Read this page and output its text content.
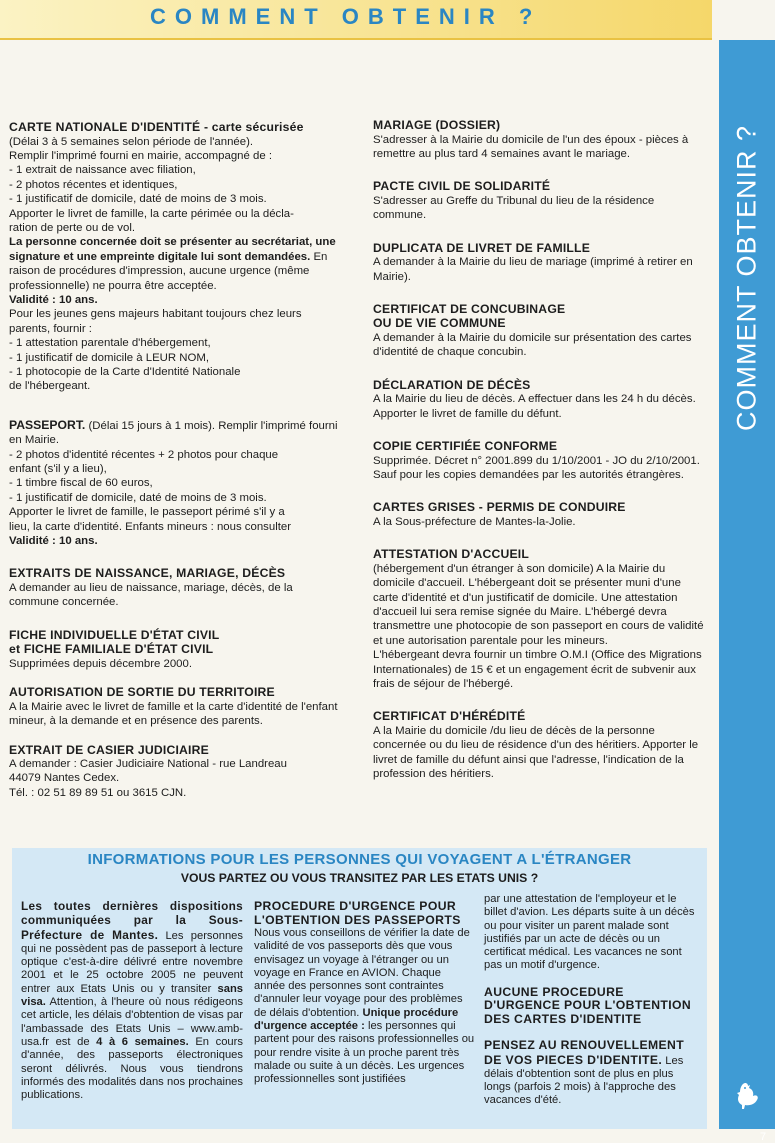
COMMENT OBTENIR ?
COMMENT OBTENIR ?
7
CARTE NATIONALE D'IDENTITÉ - carte sécurisée

(Délai 3 à 5 semaines selon période de l'année).

Remplir l'imprimé fourni en mairie, accompagné de :

- 1 extrait de naissance avec filiation,

- 2 photos récentes et identiques,

- 1 justificatif de domicile, daté de moins de 3 mois.

Apporter le livret de famille, la carte périmée ou la décla-

ration de perte ou de vol.

La personne concernée doit se présenter au secrétariat, une signature et une empreinte digitale lui sont demandées. En raison de procédures d'impression, aucune urgence (même professionnelle) ne pourra être acceptée.

Validité : 10 ans.

Pour les jeunes gens majeurs habitant toujours chez leurs

parents, fournir :

- 1 attestation parentale d'hébergement,

- 1 justificatif de domicile à LEUR NOM,

- 1 photocopie de la Carte d'Identité Nationale

de l'hébergeant.

PASSEPORT. (Délai 15 jours à 1 mois). Remplir l'imprimé fourni en Mairie.

- 2 photos d'identité récentes + 2 photos pour chaque

enfant (s'il y a lieu),

- 1 timbre fiscal de 60 euros,

- 1 justificatif de domicile, daté de moins de 3 mois.

Apporter le livret de famille, le passeport périmé s'il y a

lieu, la carte d'identité. Enfants mineurs : nous consulter

Validité : 10 ans.

EXTRAITS DE NAISSANCE, MARIAGE, DÉCÈS

A demander au lieu de naissance, mariage, décès, de la commune concernée.

FICHE INDIVIDUELLE D'ÉTAT CIVIL
et FICHE FAMILIALE D'ÉTAT CIVIL

Supprimées depuis décembre 2000.

AUTORISATION DE SORTIE DU TERRITOIRE

A la Mairie avec le livret de famille et la carte d'identité de l'enfant mineur, à la demande et en présence des parents.

EXTRAIT DE CASIER JUDICIAIRE

A demander : Casier Judiciaire National - rue Landreau

44079 Nantes Cedex.

Tél. : 02 51 89 89 51 ou 3615 CJN.

MARIAGE (DOSSIER)

S'adresser à la Mairie du domicile de l'un des époux - pièces à remettre au plus tard 4 semaines avant le mariage.

PACTE CIVIL DE SOLIDARITÉ

S'adresser au Greffe du Tribunal du lieu de la résidence commune.

DUPLICATA DE LIVRET DE FAMILLE

A demander à la Mairie du lieu de mariage (imprimé à retirer en Mairie).

CERTIFICAT DE CONCUBINAGE
OU DE VIE COMMUNE

A demander à la Mairie du domicile sur présentation des cartes d'identité de chaque concubin.

DÉCLARATION DE DÉCÈS

A la Mairie du lieu de décès. A effectuer dans les 24 h du décès. Apporter le livret de famille du défunt.

COPIE CERTIFIÉE CONFORME

Supprimée. Décret n° 2001.899 du 1/10/2001 - JO du 2/10/2001. Sauf pour les copies demandées par les autorités étrangères.

CARTES GRISES - PERMIS DE CONDUIRE

A la Sous-préfecture de Mantes-la-Jolie.

ATTESTATION D'ACCUEIL

(hébergement d'un étranger à son domicile) A la Mairie du domicile d'accueil. L'hébergeant doit se présenter muni d'une carte d'identité et d'un justificatif de domicile. Une attestation d'accueil lui sera remise signée du Maire. L'hébergé devra transmettre une photocopie de son passeport en cours de validité et une autorisation parentale pour les mineurs.

L'hébergeant devra fournir un timbre O.M.I (Office des Migrations Internationales) de 15 € et un engagement écrit de subvenir aux frais de séjour de l'hébergé.

CERTIFICAT D'HÉRÉDITÉ

A la Mairie du domicile /du lieu de décès de la personne concernée ou du lieu de résidence d'un des héritiers. Apporter le livret de famille du défunt ainsi que l'adresse, l'indication de la profession des héritiers.

INFORMATIONS POUR LES PERSONNES QUI VOYAGENT A L'ÉTRANGER
VOUS PARTEZ OU VOUS TRANSITEZ PAR LES ETATS UNIS ?

Les toutes dernières dispositions communiquées par la Sous-Préfecture de Mantes. Les personnes qui ne possèdent pas de passeport à lecture optique c'est-à-dire délivré entre novembre 2001 et le 25 octobre 2005 ne peuvent entrer aux Etats Unis ou y transiter sans visa. Attention, à l'heure où nous rédigeons cet article, les délais d'obtention de visas par l'ambassade des Etats Unis – www.amb-usa.fr est de 4 à 6 semaines. En cours d'année, des passeports électroniques seront délivrés. Nous vous tiendrons informés des modalités dans nos prochaines publications.

PROCEDURE D'URGENCE POUR L'OBTENTION DES PASSEPORTS

Nous vous conseillons de vérifier la date de validité de vos passeports dès que vous envisagez un voyage à l'étranger ou un voyage en France en AVION. Chaque année des personnes sont contraintes d'annuler leur voyage pour des problèmes de délais d'obtention. Unique procédure d'urgence acceptée : les personnes qui partent pour des raisons professionnelles ou pour rendre visite à un proche parent très malade ou suite à un décès. Les urgences professionnelles sont justifiées

par une attestation de l'employeur et le billet d'avion. Les départs suite à un décès ou pour visiter un parent malade sont justifiés par un acte de décès ou un certificat médical. Les vacances ne sont pas un motif d'urgence.

AUCUNE PROCEDURE D'URGENCE POUR L'OBTENTION DES CARTES D'IDENTITE

PENSEZ AU RENOUVELLEMENT DE VOS PIECES D'IDENTITE. Les délais d'obtention sont de plus en plus longs (parfois 2 mois) à l'approche des vacances d'été.
